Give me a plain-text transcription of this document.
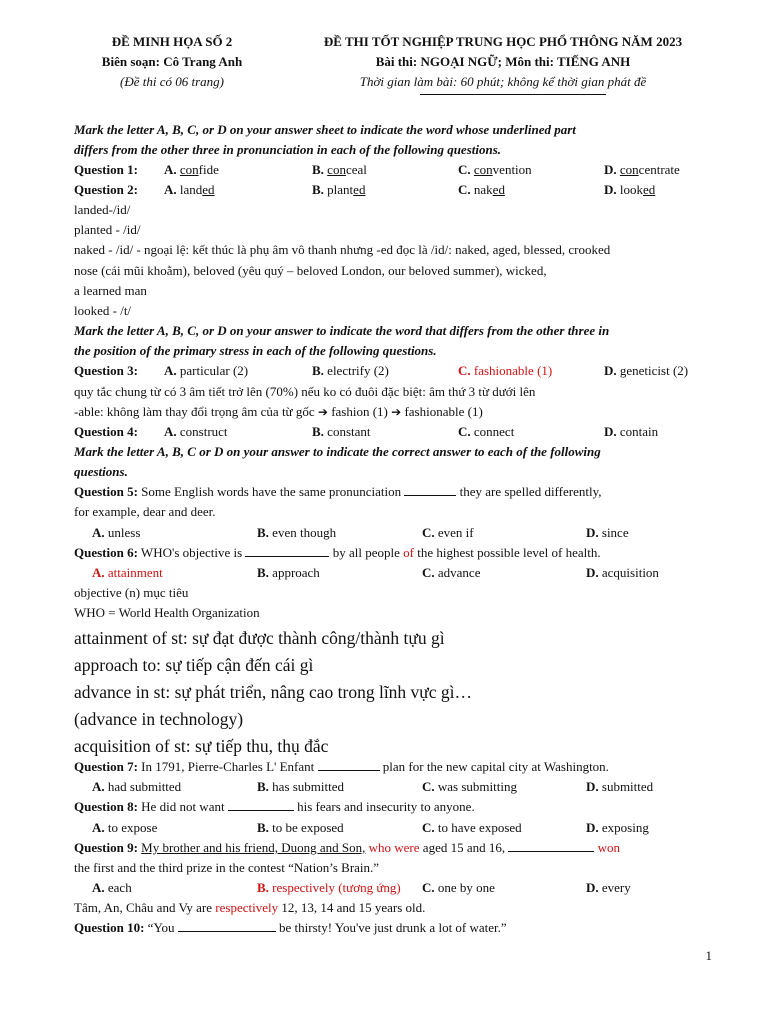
ĐỀ MINH HỌA SỐ 2
Biên soạn: Cô Trang Anh
(Đề thi có 06 trang)
ĐỀ THI TỐT NGHIỆP TRUNG HỌC PHỔ THÔNG NĂM 2023
Bài thi: NGOẠI NGỮ; Môn thi: TIẾNG ANH
Thời gian làm bài: 60 phút; không kể thời gian phát đề
Mark the letter A, B, C, or D on your answer sheet to indicate the word whose underlined part
differs from the other three in pronunciation in each of the following questions.
Question 1: A. confide	B. conceal	C. convention	D. concentrate
Question 2: A. landed	B. planted	C. naked	D. looked
landed-/id/
planted - /id/
naked - /id/ - ngoại lệ: kết thúc là phụ âm vô thanh nhưng -ed đọc là /id/: naked, aged, blessed, crooked
nose (cái mũi khoằm), beloved (yêu quý – beloved London, our beloved summer), wicked,
a learned man
looked - /t/
Mark the letter A, B, C, or D on your answer to indicate the word that differs from the other three in
the position of the primary stress in each of the following questions.
Question 3: A. particular (2)	B. electrify (2)	C. fashionable (1)	D. geneticist (2)
quy tắc chung từ có 3 âm tiết trở lên (70%) nếu ko có đuôi đặc biệt: âm thứ 3 từ dưới lên
-able: không làm thay đổi trọng âm của từ gốc ➔ fashion (1) ➔ fashionable (1)
Question 4: A. construct	B. constant	C. connect	D. contain
Mark the letter A, B, C or D on your answer to indicate the correct answer to each of the following
questions.
Question 5: Some English words have the same pronunciation	they are spelled differently,
for example, dear and deer.
A. unless	B. even though	C. even if	D. since
Question 6: WHO's objective is	by all people of the highest possible level of health.
A. attainment	B. approach	C. advance	D. acquisition
objective (n) mục tiêu
WHO = World Health Organization
attainment of st: sự đạt được thành công/thành tựu gì
approach to: sự tiếp cận đến cái gì
advance in st: sự phát triển, nâng cao trong lĩnh vực gì…
(advance in technology)
acquisition of st: sự tiếp thu, thụ đắc
Question 7: In 1791, Pierre-Charles L' Enfant	plan for the new capital city at Washington.
A. had submitted	B. has submitted	C. was submitting	D. submitted
Question 8: He did not want	his fears and insecurity to anyone.
A. to expose	B. to be exposed	C. to have exposed	D. exposing
Question 9: My brother and his friend, Duong and Son, who were aged 15 and 16,	won
the first and the third prize in the contest “Nation’s Brain.”
A. each	B. respectively (tương ứng) C. one by one	D. every
Tâm, An, Châu and Vy are respectively 12, 13, 14 and 15 years old.
Question 10: “You	be thirsty! You've just drunk a lot of water.”
1
